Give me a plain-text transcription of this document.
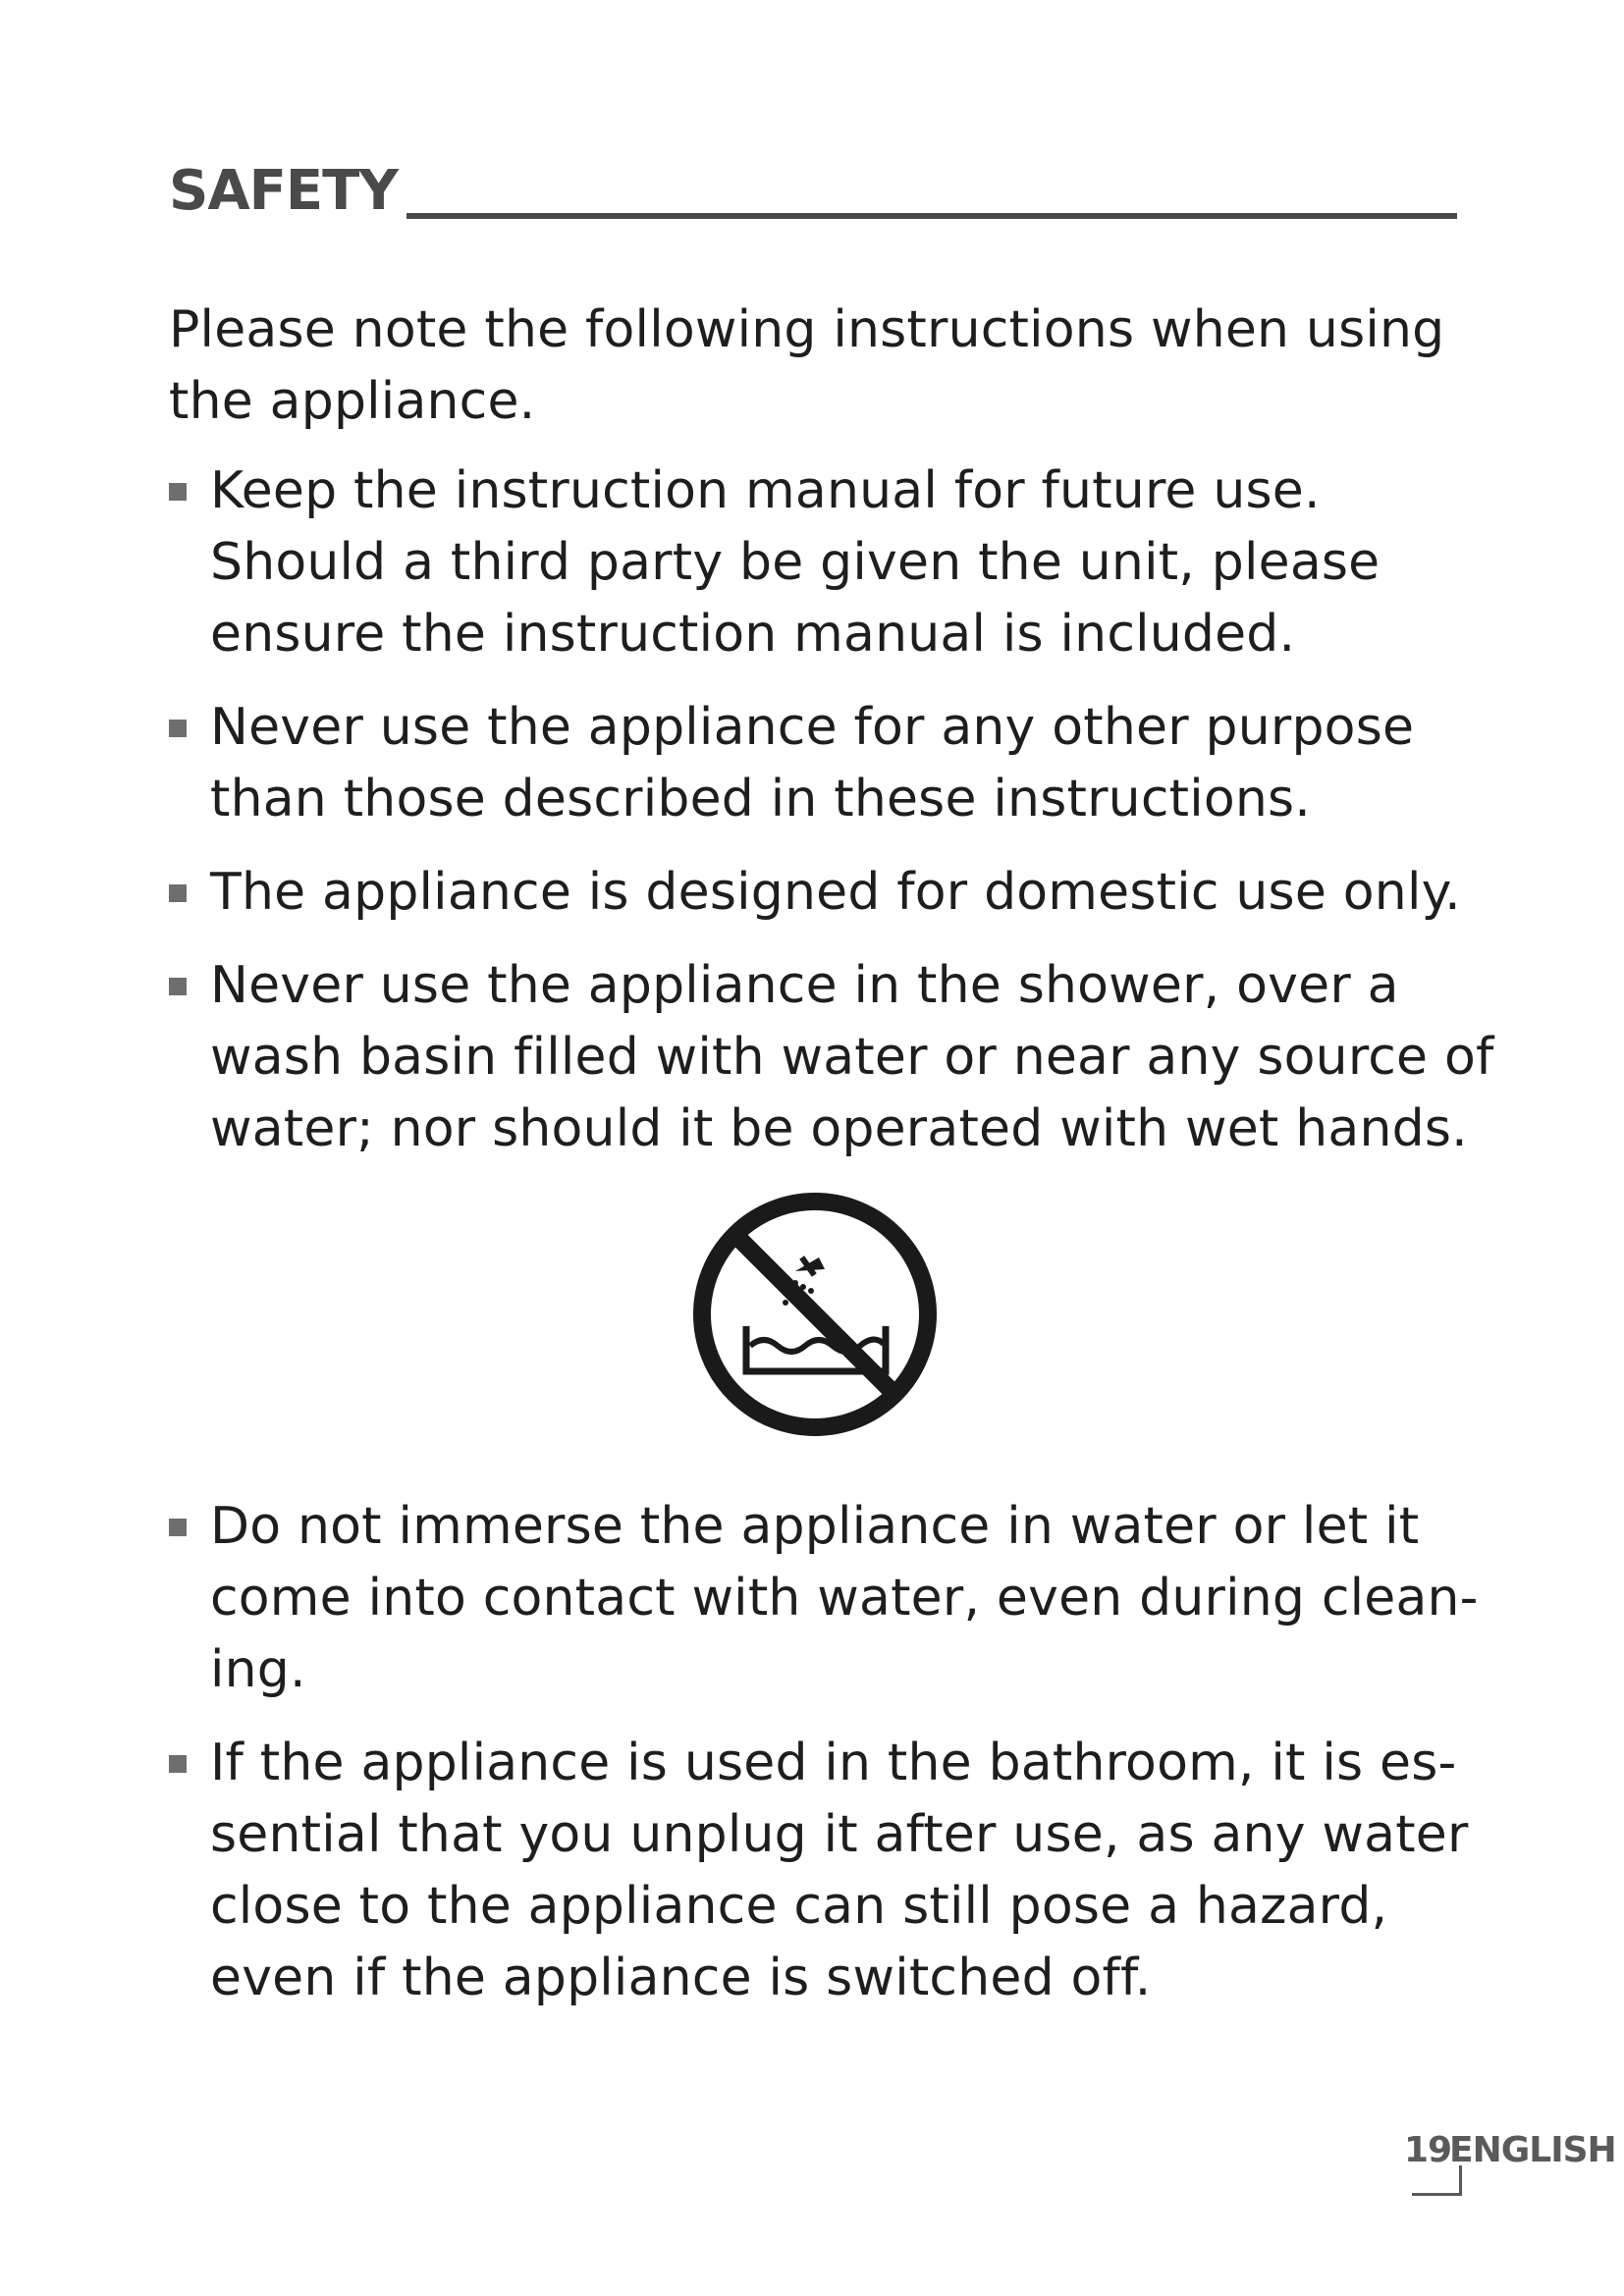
SAFETY

Please note the following instructions when using the appliance.

Keep the instruction manual for future use. Should a third party be given the unit, please ensure the instruction manual is included.
Never use the appliance for any other purpose than those described in these instructions.
The appliance is designed for domestic use only.
Never use the appliance in the shower, over a wash basin filled with water or near any source of water; nor should it be operated with wet hands.
Do not immerse the appliance in water or let it come into contact with water, even during clean-ing.
If the appliance is used in the bathroom, it is es-sential that you unplug it after use, as any water close to the appliance can still pose a hazard, even if the appliance is switched off.
19
ENGLISH
